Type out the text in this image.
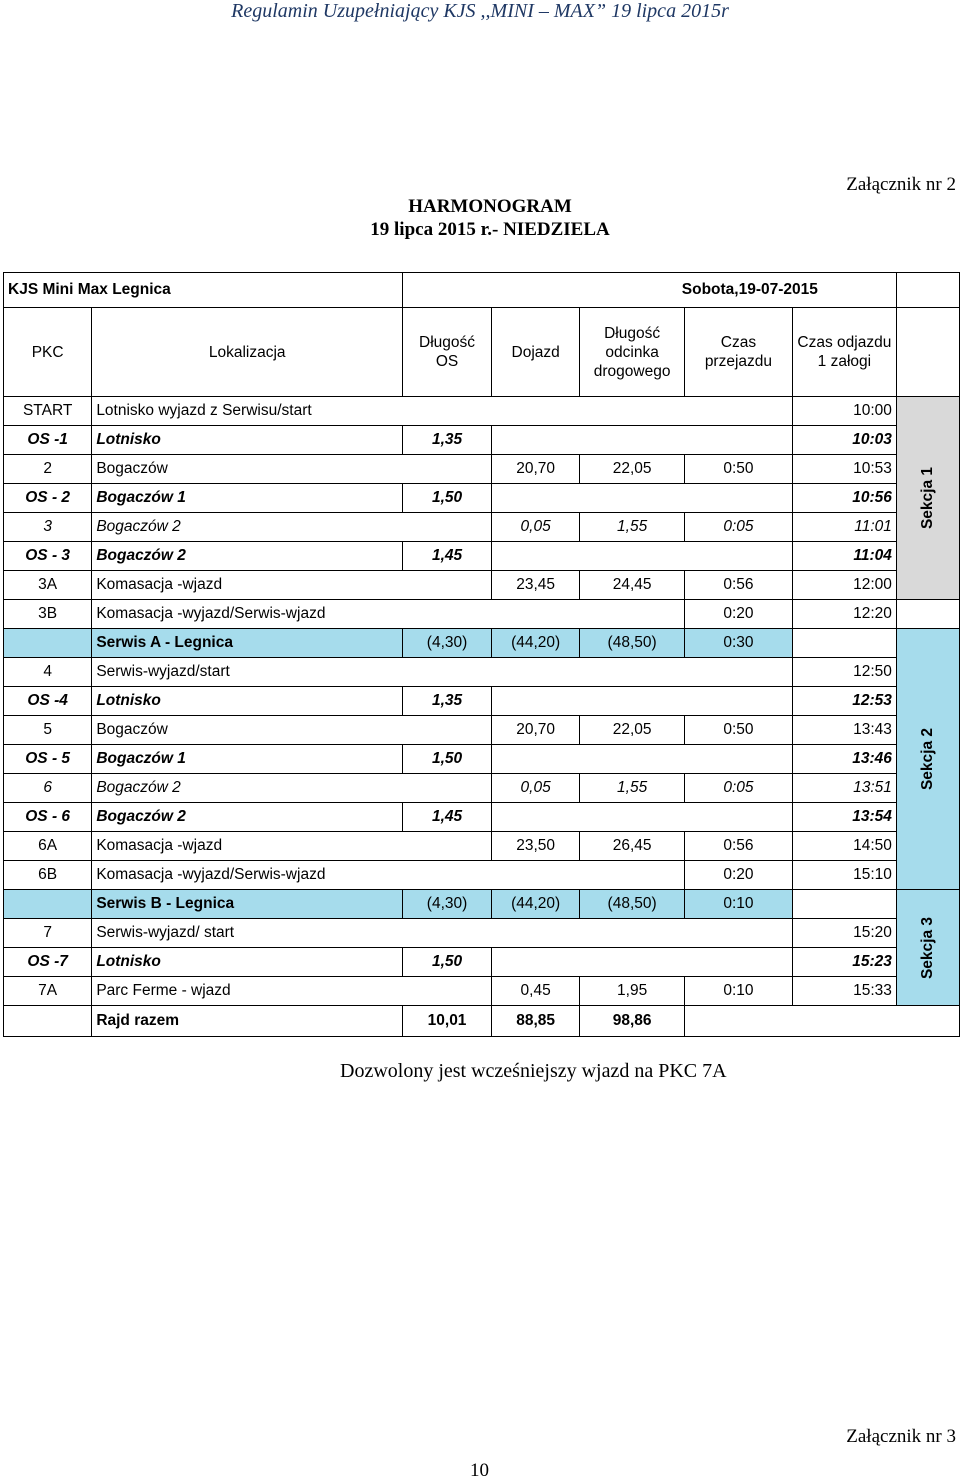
Regulamin Uzupełniający KJS ,,MINI – MAX” 19 lipca 2015r
Załącznik nr 2
HARMONOGRAM
19 lipca 2015 r.- NIEDZIELA
KJS Mini Max Legnica		Sobota,19-07-2015					
PKC	Lokalizacja	Długość OS	Dojazd	Długość odcinka drogowego	Czas przejazdu	Czas odjazdu 1 załogi	

START	Lotnisko wyjazd z Serwisu/start					10:00	Sekcja 1
OS -1	Lotnisko	1,35				10:03	
2	Bogaczów		20,70	22,05	0:50	10:53	
OS - 2	Bogaczów 1	1,50				10:56	
3	Bogaczów 2		0,05	1,55	0:05	11:01	
OS - 3	Bogaczów 2	1,45				11:04	
3A	Komasacja -wjazd		23,45	24,45	0:56	12:00	
3B	Komasacja -wyjazd/Serwis-wjazd				0:20	12:20	
	Serwis A - Legnica	(4,30)	(44,20)	(48,50)	0:30		Sekcja 2
4	Serwis-wyjazd/start					12:50	
OS -4	Lotnisko	1,35				12:53	
5	Bogaczów		20,70	22,05	0:50	13:43	
OS - 5	Bogaczów 1	1,50				13:46	
6	Bogaczów 2		0,05	1,55	0:05	13:51	
OS - 6	Bogaczów 2	1,45				13:54	
6A	Komasacja -wjazd		23,50	26,45	0:56	14:50	
6B	Komasacja -wyjazd/Serwis-wjazd				0:20	15:10	
	Serwis B - Legnica	(4,30)	(44,20)	(48,50)	0:10		Sekcja 3
7	Serwis-wyjazd/ start					15:20	
OS -7	Lotnisko	1,50				15:23	
7A	Parc Ferme - wjazd		0,45	1,95	0:10	15:33	
	Rajd razem	10,01	88,85	98,86			
Dozwolony jest wcześniejszy wjazd na PKC 7A
Załącznik nr 3
10
